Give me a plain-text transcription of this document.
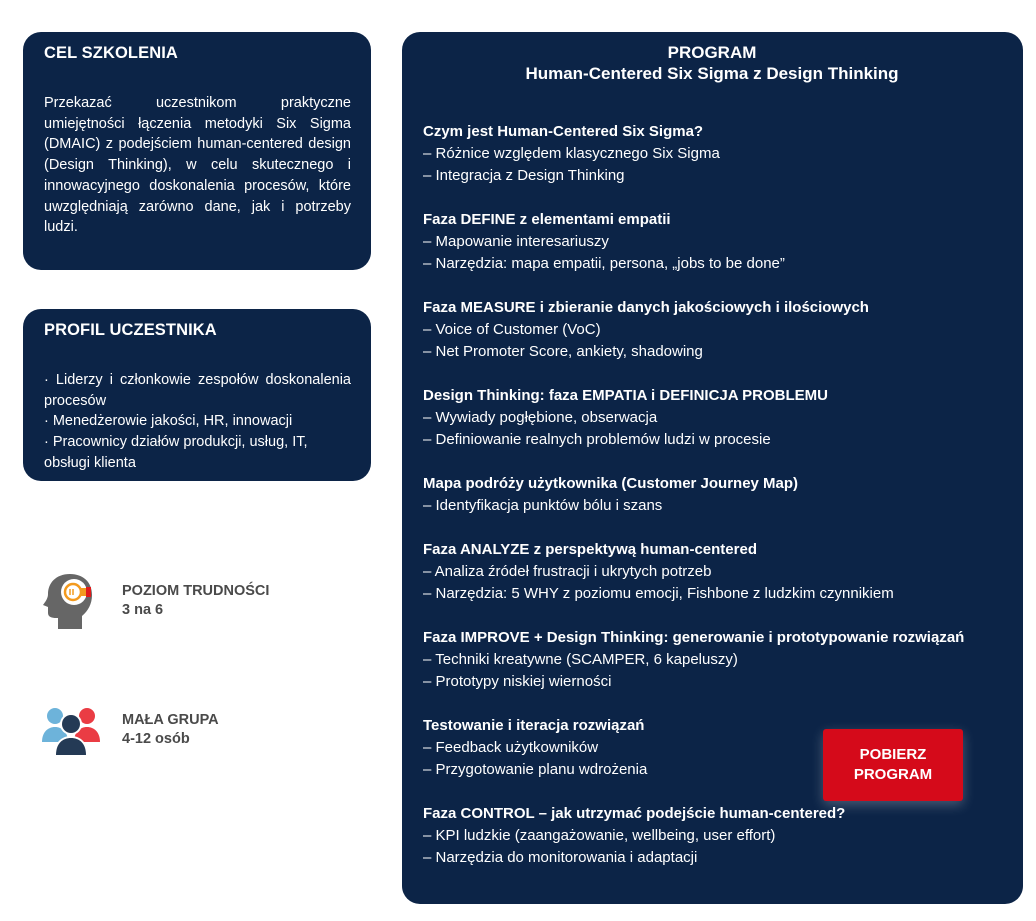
CEL SZKOLENIA

Przekazać uczestnikom praktyczne umiejętności łączenia metodyki Six Sigma (DMAIC) z podejściem human-centered design (Design Thinking), w celu skutecznego i innowacyjnego doskonalenia procesów, które uwzględniają zarówno dane, jak i potrzeby ludzi.

PROFIL UCZESTNIKA
· Liderzy i członkowie zespołów doskonalenia procesów
· Menedżerowie jakości, HR, innowacji
· Pracownicy działów produkcji, usług, IT, obsługi klienta
POZIOM TRUDNOŚCI
3 na 6
MAŁA GRUPA
4-12 osób
PROGRAM
Human-Centered Six Sigma z Design Thinking
Czym jest Human-Centered Six Sigma?
– Różnice względem klasycznego Six Sigma
– Integracja z Design Thinking
Faza DEFINE z elementami empatii
– Mapowanie interesariuszy
– Narzędzia: mapa empatii, persona, „jobs to be done”
Faza MEASURE i zbieranie danych jakościowych i ilościowych
– Voice of Customer (VoC)
– Net Promoter Score, ankiety, shadowing
Design Thinking: faza EMPATIA i DEFINICJA PROBLEMU
– Wywiady pogłębione, obserwacja
– Definiowanie realnych problemów ludzi w procesie
Mapa podróży użytkownika (Customer Journey Map)
– Identyfikacja punktów bólu i szans
Faza ANALYZE z perspektywą human-centered
– Analiza źródeł frustracji i ukrytych potrzeb
– Narzędzia: 5 WHY z poziomu emocji, Fishbone z ludzkim czynnikiem
Faza IMPROVE + Design Thinking: generowanie i prototypowanie rozwiązań
– Techniki kreatywne (SCAMPER, 6 kapeluszy)
– Prototypy niskiej wierności
Testowanie i iteracja rozwiązań
– Feedback użytkowników
– Przygotowanie planu wdrożenia
Faza CONTROL – jak utrzymać podejście human-centered?
– KPI ludzkie (zaangażowanie, wellbeing, user effort)
– Narzędzia do monitorowania i adaptacji
POBIERZ
PROGRAM
